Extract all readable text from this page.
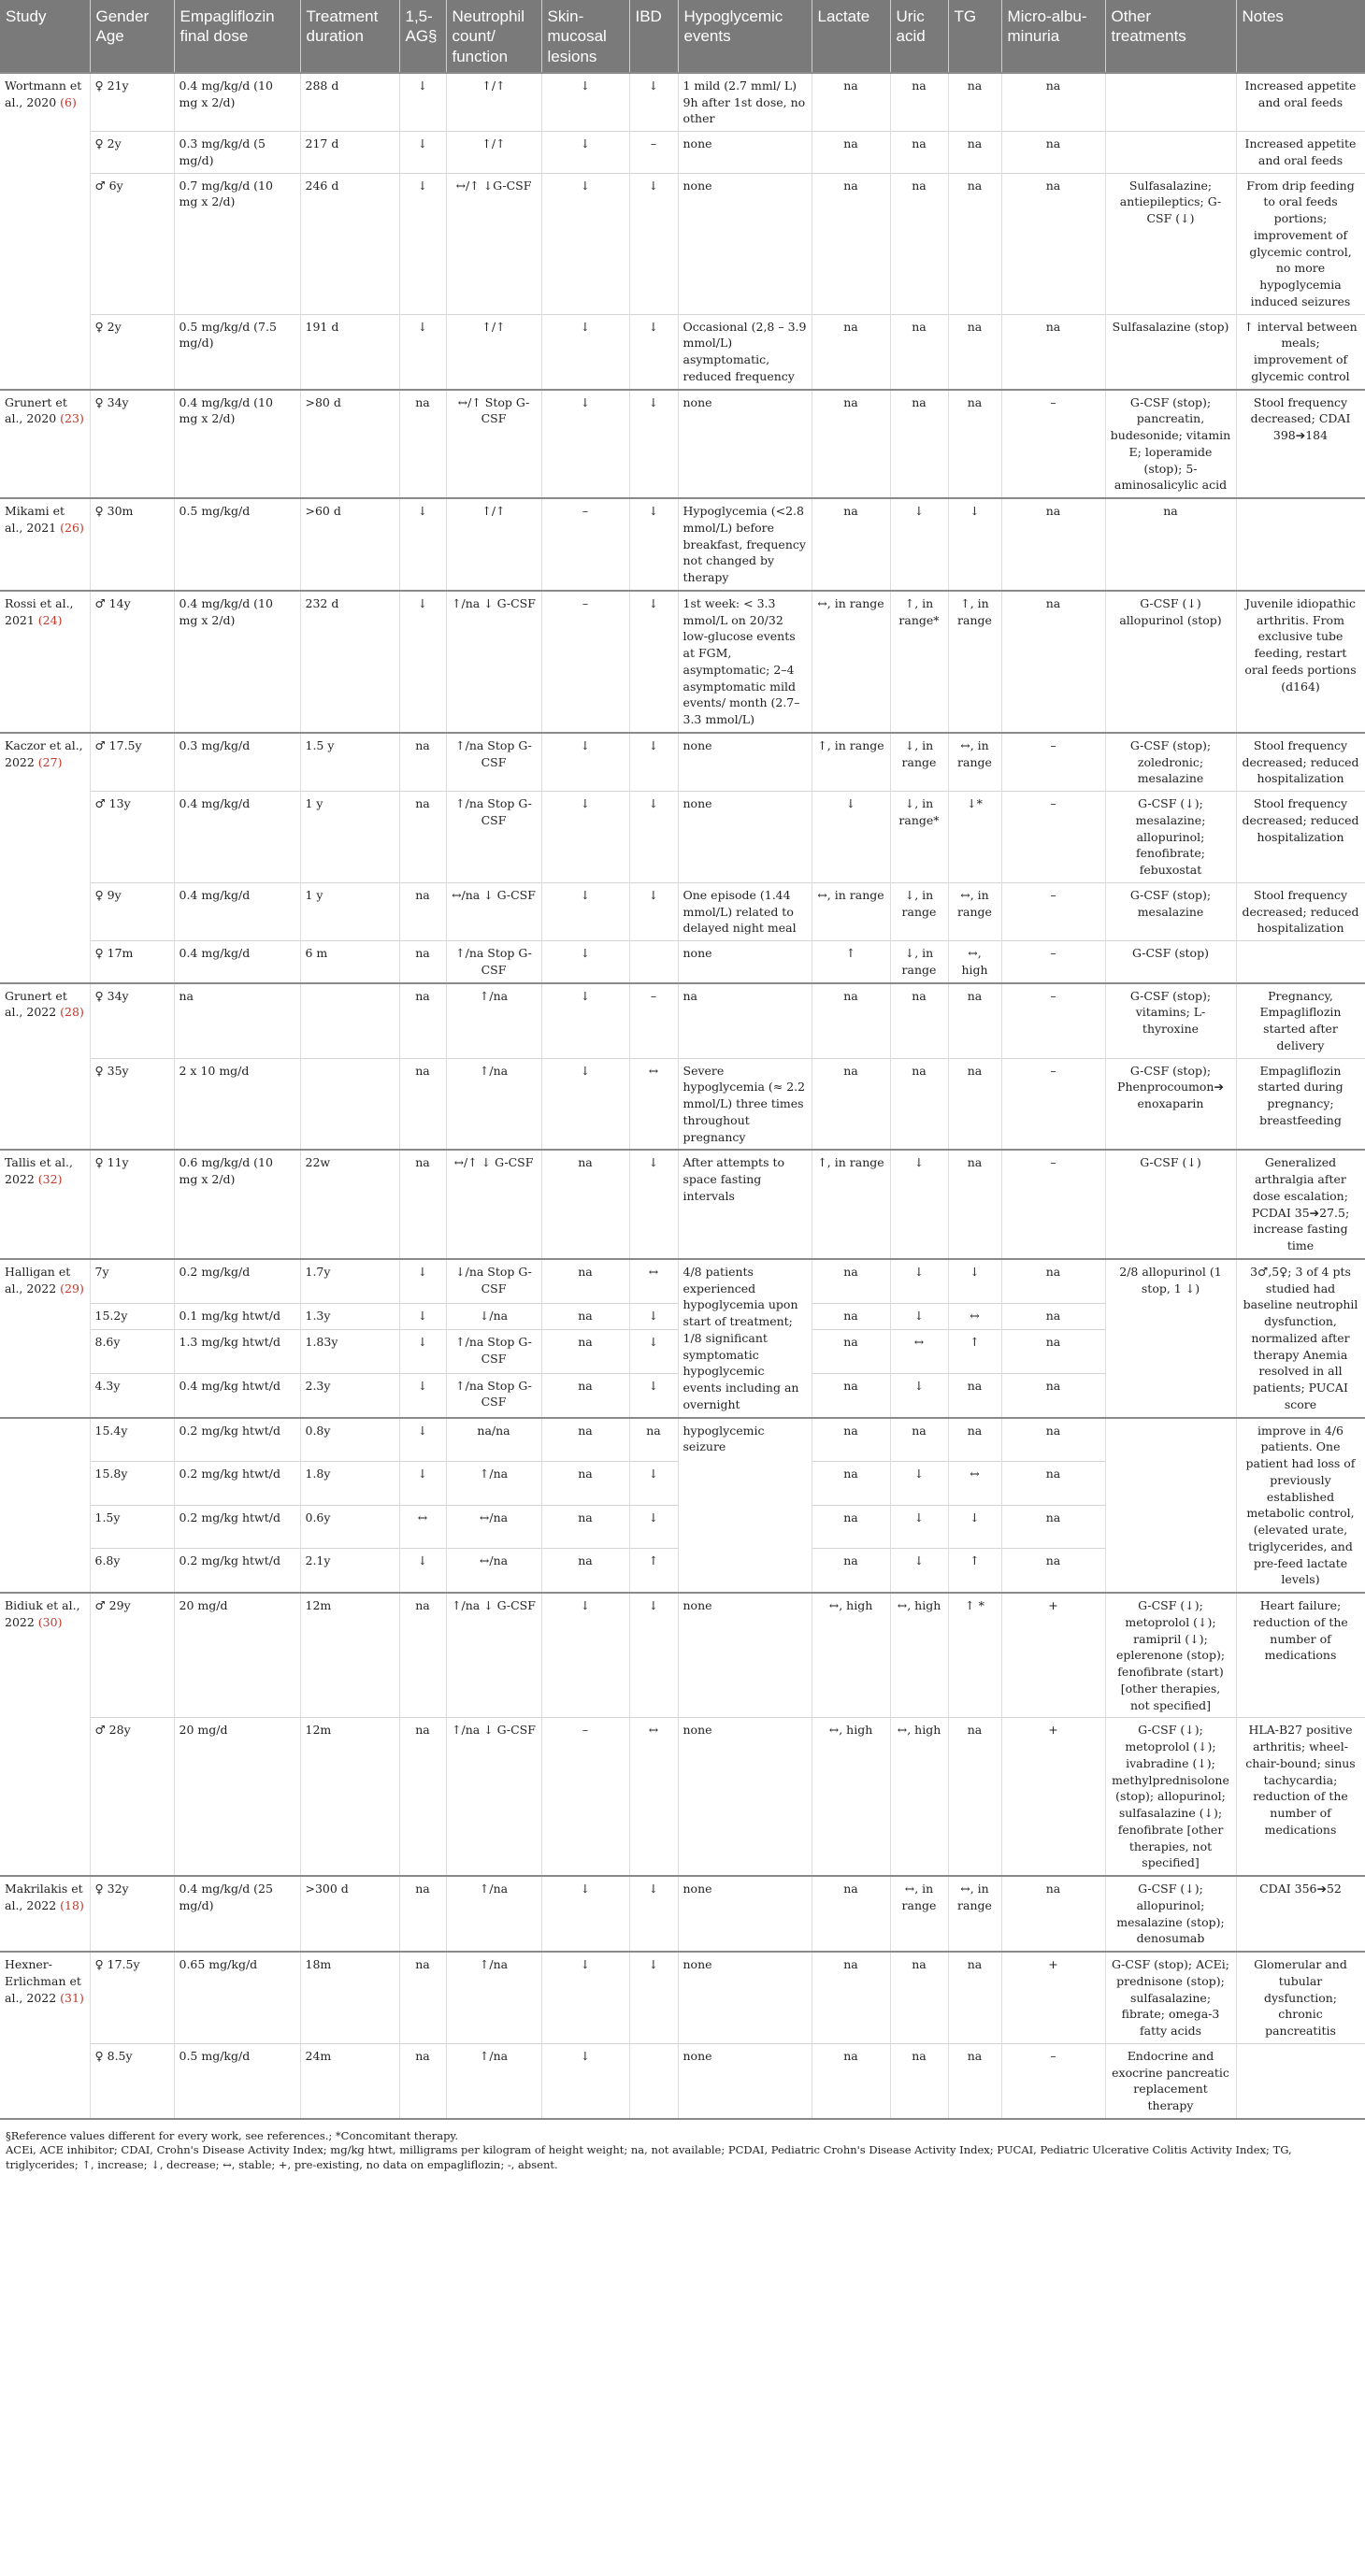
Study	Gender Age	Empagliflozin final dose	Treatment duration	1,5-AG§	Neutrophil count/ function	Skin-mucosal lesions	IBD	Hypoglycemic events	Lactate	Uric acid	TG	Micro-albu-minuria	Other treatments	Notes
Wortmann et al., 2020 (6)	♀ 21y	0.4 mg/kg/d (10 mg x 2/d)	288 d	↓	↑/↑	↓	↓	1 mild (2.7 mml/ L) 9h after 1st dose, no other	na	na	na	na		Increased appetite and oral feeds
	♀ 2y	0.3 mg/kg/d (5 mg/d)	217 d	↓	↑/↑	↓	–	none	na	na	na	na		Increased appetite and oral feeds
	♂ 6y	0.7 mg/kg/d (10 mg x 2/d)	246 d	↓	↔/↑ ↓G-CSF	↓	↓	none	na	na	na	na	Sulfasalazine; antiepileptics; G-CSF (↓)	From drip feeding to oral feeds portions; improvement of glycemic control, no more hypoglycemia induced seizures
	♀ 2y	0.5 mg/kg/d (7.5 mg/d)	191 d	↓	↑/↑	↓	↓	Occasional (2,8 – 3.9 mmol/L) asymptomatic, reduced frequency	na	na	na	na	Sulfasalazine (stop)	↑ interval between meals; improvement of glycemic control
Grunert et al., 2020 (23)	♀ 34y	0.4 mg/kg/d (10 mg x 2/d)	>80 d	na	↔/↑ Stop G-CSF	↓	↓	none	na	na	na	–	G-CSF (stop); pancreatin, budesonide; vitamin E; loperamide (stop); 5-aminosalicylic acid	Stool frequency decreased; CDAI 398➔184
Mikami et al., 2021 (26)	♀ 30m	0.5 mg/kg/d	>60 d	↓	↑/↑	–	↓	Hypoglycemia (<2.8 mmol/L) before breakfast, frequency not changed by therapy	na	↓	↓	na	na	
Rossi et al., 2021 (24)	♂ 14y	0.4 mg/kg/d (10 mg x 2/d)	232 d	↓	↑/na ↓ G-CSF	–	↓	1st week: < 3.3 mmol/L on 20/32 low-glucose events at FGM, asymptomatic; 2–4 asymptomatic mild events/ month (2.7–3.3 mmol/L)	↔, in range	↑, in range*	↑, in range	na	G-CSF (↓) allopurinol (stop)	Juvenile idiopathic arthritis. From exclusive tube feeding, restart oral feeds portions (d164)
Kaczor et al., 2022 (27)	♂ 17.5y	0.3 mg/kg/d	1.5 y	na	↑/na Stop G-CSF	↓	↓	none	↑, in range	↓, in range	↔, in range	–	G-CSF (stop); zoledronic; mesalazine	Stool frequency decreased; reduced hospitalization
	♂ 13y	0.4 mg/kg/d	1 y	na	↑/na Stop G-CSF	↓	↓	none	↓	↓, in range*	↓*	–	G-CSF (↓); mesalazine; allopurinol; fenofibrate; febuxostat	Stool frequency decreased; reduced hospitalization
	♀ 9y	0.4 mg/kg/d	1 y	na	↔/na ↓ G-CSF	↓	↓	One episode (1.44 mmol/L) related to delayed night meal	↔, in range	↓, in range	↔, in range	–	G-CSF (stop); mesalazine	Stool frequency decreased; reduced hospitalization
	♀ 17m	0.4 mg/kg/d	6 m	na	↑/na Stop G-CSF	↓		none	↑	↓, in range	↔, high	–	G-CSF (stop)	
Grunert et al., 2022 (28)	♀ 34y	na		na	↑/na	↓	–	na	na	na	na	–	G-CSF (stop); vitamins; L-thyroxine	Pregnancy, Empagliflozin started after delivery
	♀ 35y	2 x 10 mg/d		na	↑/na	↓	↔	Severe hypoglycemia (≈ 2.2 mmol/L) three times throughout pregnancy	na	na	na	–	G-CSF (stop); Phenprocoumon➔ enoxaparin	Empagliflozin started during pregnancy; breastfeeding
Tallis et al., 2022 (32)	♀ 11y	0.6 mg/kg/d (10 mg x 2/d)	22w	na	↔/↑ ↓ G-CSF	na	↓	After attempts to space fasting intervals	↑, in range	↓	na	–	G-CSF (↓)	Generalized arthralgia after dose escalation; PCDAI 35➔27.5; increase fasting time
Halligan et al., 2022 (29)	7y	0.2 mg/kg/d	1.7y	↓	↓/na Stop G-CSF	na	↔	4/8 patients experienced hypoglycemia upon start of treatment; 1/8 significant symptomatic hypoglycemic events including an overnight	na	↓	↓	na	2/8 allopurinol (1 stop, 1 ↓)	3♂,5♀; 3 of 4 pts studied had baseline neutrophil dysfunction, normalized after therapy Anemia resolved in all patients; PUCAI score
	15.2y	0.1 mg/kg htwt/d	1.3y	↓	↓/na	na	↓		na	↓	↔	na		
	8.6y	1.3 mg/kg htwt/d	1.83y	↓	↑/na Stop G-CSF	na	↓		na	↔	↑	na		
	4.3y	0.4 mg/kg htwt/d	2.3y	↓	↑/na Stop G-CSF	na	↓		na	↓	na	na		
	15.4y	0.2 mg/kg htwt/d	0.8y	↓	na/na	na	na	hypoglycemic seizure	na	na	na	na		improve in 4/6 patients. One patient had loss of previously established metabolic control, (elevated urate, triglycerides, and pre-feed lactate levels)
	15.8y	0.2 mg/kg htwt/d	1.8y	↓	↑/na	na	↓		na	↓	↔	na		
	1.5y	0.2 mg/kg htwt/d	0.6y	↔	↔/na	na	↓		na	↓	↓	na		
	6.8y	0.2 mg/kg htwt/d	2.1y	↓	↔/na	na	↑		na	↓	↑	na		
Bidiuk et al., 2022 (30)	♂ 29y	20 mg/d	12m	na	↑/na ↓ G-CSF	↓	↓	none	↔, high	↔, high	↑ *	+	G-CSF (↓); metoprolol (↓); ramipril (↓); eplerenone (stop); fenofibrate (start) [other therapies, not specified]	Heart failure; reduction of the number of medications
	♂ 28y	20 mg/d	12m	na	↑/na ↓ G-CSF	–	↔	none	↔, high	↔, high	na	+	G-CSF (↓); metoprolol (↓); ivabradine (↓); methylprednisolone (stop); allopurinol; sulfasalazine (↓); fenofibrate [other therapies, not specified]	HLA-B27 positive arthritis; wheel-chair-bound; sinus tachycardia; reduction of the number of medications
Makrilakis et al., 2022 (18)	♀ 32y	0.4 mg/kg/d (25 mg/d)	>300 d	na	↑/na	↓	↓	none	na	↔, in range	↔, in range	na	G-CSF (↓); allopurinol; mesalazine (stop); denosumab	CDAI 356➔52
Hexner-Erlichman et al., 2022 (31)	♀ 17.5y	0.65 mg/kg/d	18m	na	↑/na	↓	↓	none	na	na	na	+	G-CSF (stop); ACEi; prednisone (stop); sulfasalazine; fibrate; omega-3 fatty acids	Glomerular and tubular dysfunction; chronic pancreatitis
	♀ 8.5y	0.5 mg/kg/d	24m	na	↑/na	↓		none	na	na	na	–	Endocrine and exocrine pancreatic replacement therapy	
§Reference values different for every work, see references.; *Concomitant therapy.
ACEi, ACE inhibitor; CDAI, Crohn's Disease Activity Index; mg/kg htwt, milligrams per kilogram of height weight; na, not available; PCDAI, Pediatric Crohn's Disease Activity Index; PUCAI, Pediatric Ulcerative Colitis Activity Index; TG, triglycerides; ↑, increase; ↓, decrease; ↔, stable; +, pre-existing, no data on empagliflozin; -, absent.
